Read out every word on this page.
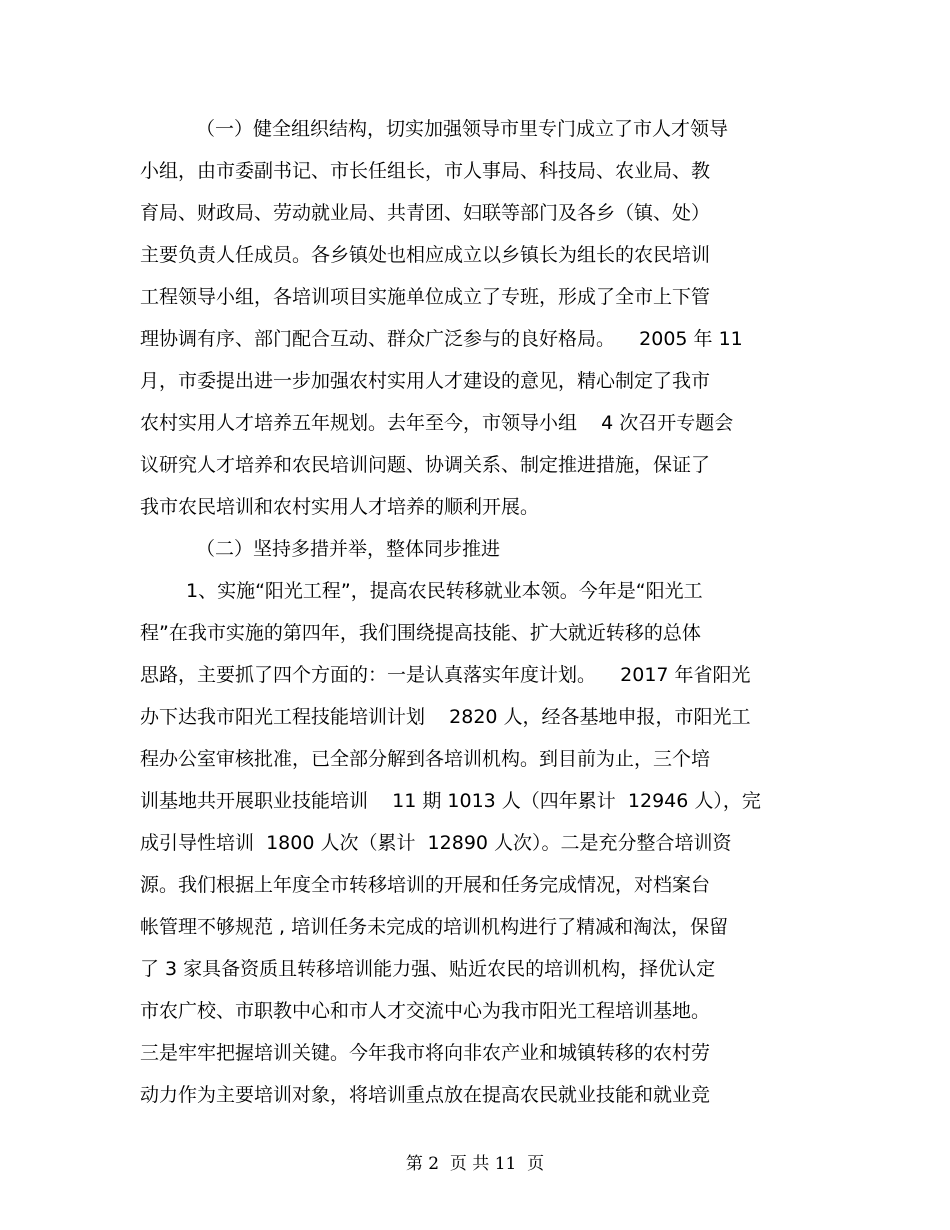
（一）健全组织结构，切实加强领导市里专门成立了市人才领导
小组，由市委副书记、市长任组长，市人事局、科技局、农业局、教
育局、财政局、劳动就业局、共青团、妇联等部门及各乡（镇、处）
主要负责人任成员。各乡镇处也相应成立以乡镇长为组长的农民培训
工程领导小组，各培训项目实施单位成立了专班，形成了全市上下管
理协调有序、部门配合互动、群众广泛参与的良好格局。    2005 年 11
月，市委提出进一步加强农村实用人才建设的意见，精心制定了我市
农村实用人才培养五年规划。去年至今，市领导小组    4 次召开专题会
议研究人才培养和农民培训问题、协调关系、制定推进措施，保证了
我市农民培训和农村实用人才培养的顺利开展。
（二）坚持多措并举，整体同步推进
1、实施“阳光工程”，提高农民转移就业本领。今年是“阳光工
程”在我市实施的第四年，我们围绕提高技能、扩大就近转移的总体
思路，主要抓了四个方面的：一是认真落实年度计划。    2017 年省阳光
办下达我市阳光工程技能培训计划    2820 人，经各基地申报，市阳光工
程办公室审核批准，已全部分解到各培训机构。到目前为止，三个培
训基地共开展职业技能培训    11 期 1013 人（四年累计  12946 人），完
成引导性培训  1800 人次（累计  12890 人次）。二是充分整合培训资
源。我们根据上年度全市转移培训的开展和任务完成情况，对档案台
帐管理不够规范 , 培训任务未完成的培训机构进行了精减和淘汰，保留
了 3 家具备资质且转移培训能力强、贴近农民的培训机构，择优认定
市农广校、市职教中心和市人才交流中心为我市阳光工程培训基地。
三是牢牢把握培训关键。今年我市将向非农产业和城镇转移的农村劳
动力作为主要培训对象，将培训重点放在提高农民就业技能和就业竞
第 2  页 共 11  页
